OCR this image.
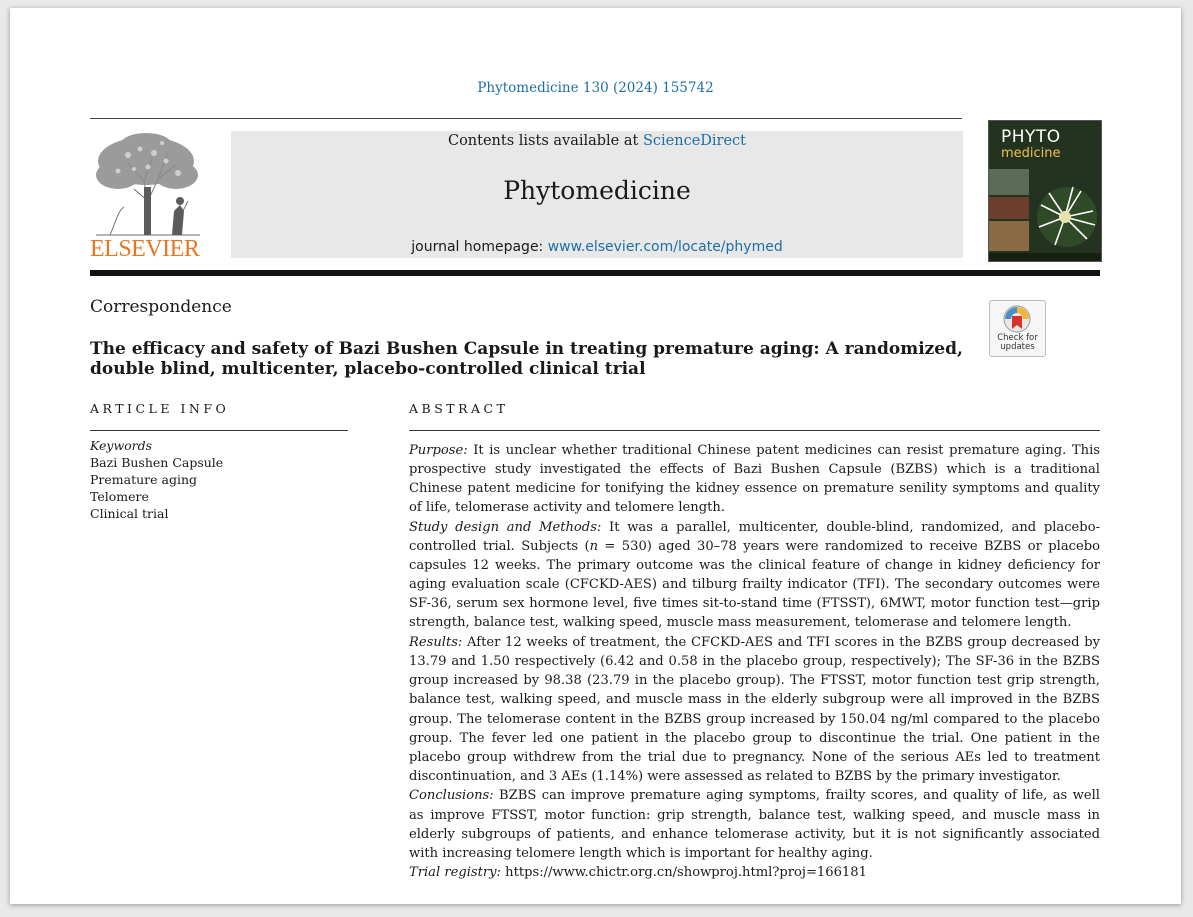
Phytomedicine 130 (2024) 155742
ELSEVIER
Contents lists available at ScienceDirect
Phytomedicine
journal homepage: www.elsevier.com/locate/phymed
PHYTO
medicine
Correspondence
Check for
updates
The efficacy and safety of Bazi Bushen Capsule in treating premature aging: A randomized, double blind, multicenter, placebo-controlled clinical trial
ARTICLE INFO	ABSTRACT
Keywords
Bazi Bushen Capsule
Premature aging
Telomere
Clinical trial

Purpose: It is unclear whether traditional Chinese patent medicines can resist premature aging. This prospective study investigated the effects of Bazi Bushen Capsule (BZBS) which is a traditional Chinese patent medicine for tonifying the kidney essence on premature senility symptoms and quality of life, telomerase activity and telomere length.

Study design and Methods: It was a parallel, multicenter, double-blind, randomized, and placebo-controlled trial. Subjects (n = 530) aged 30–78 years were randomized to receive BZBS or placebo capsules 12 weeks. The primary outcome was the clinical feature of change in kidney deficiency for aging evaluation scale (CFCKD-AES) and tilburg frailty indicator (TFI). The secondary outcomes were SF-36, serum sex hormone level, five times sit-to-stand time (FTSST), 6MWT, motor function test—grip strength, balance test, walking speed, muscle mass measurement, telomerase and telomere length.

Results: After 12 weeks of treatment, the CFCKD-AES and TFI scores in the BZBS group decreased by 13.79 and 1.50 respectively (6.42 and 0.58 in the placebo group, respectively); The SF-36 in the BZBS group increased by 98.38 (23.79 in the placebo group). The FTSST, motor function test grip strength, balance test, walking speed, and muscle mass in the elderly subgroup were all improved in the BZBS group. The telomerase content in the BZBS group increased by 150.04 ng/ml compared to the placebo group. The fever led one patient in the placebo group to discontinue the trial. One patient in the placebo group withdrew from the trial due to pregnancy. None of the serious AEs led to treatment discontinuation, and 3 AEs (1.14%) were assessed as related to BZBS by the primary investigator.

Conclusions: BZBS can improve premature aging symptoms, frailty scores, and quality of life, as well as improve FTSST, motor function: grip strength, balance test, walking speed, and muscle mass in elderly subgroups of patients, and enhance telomerase activity, but it is not significantly associated with increasing telomere length which is important for healthy aging.

Trial registry: https://www.chictr.org.cn/showproj.html?proj=166181
